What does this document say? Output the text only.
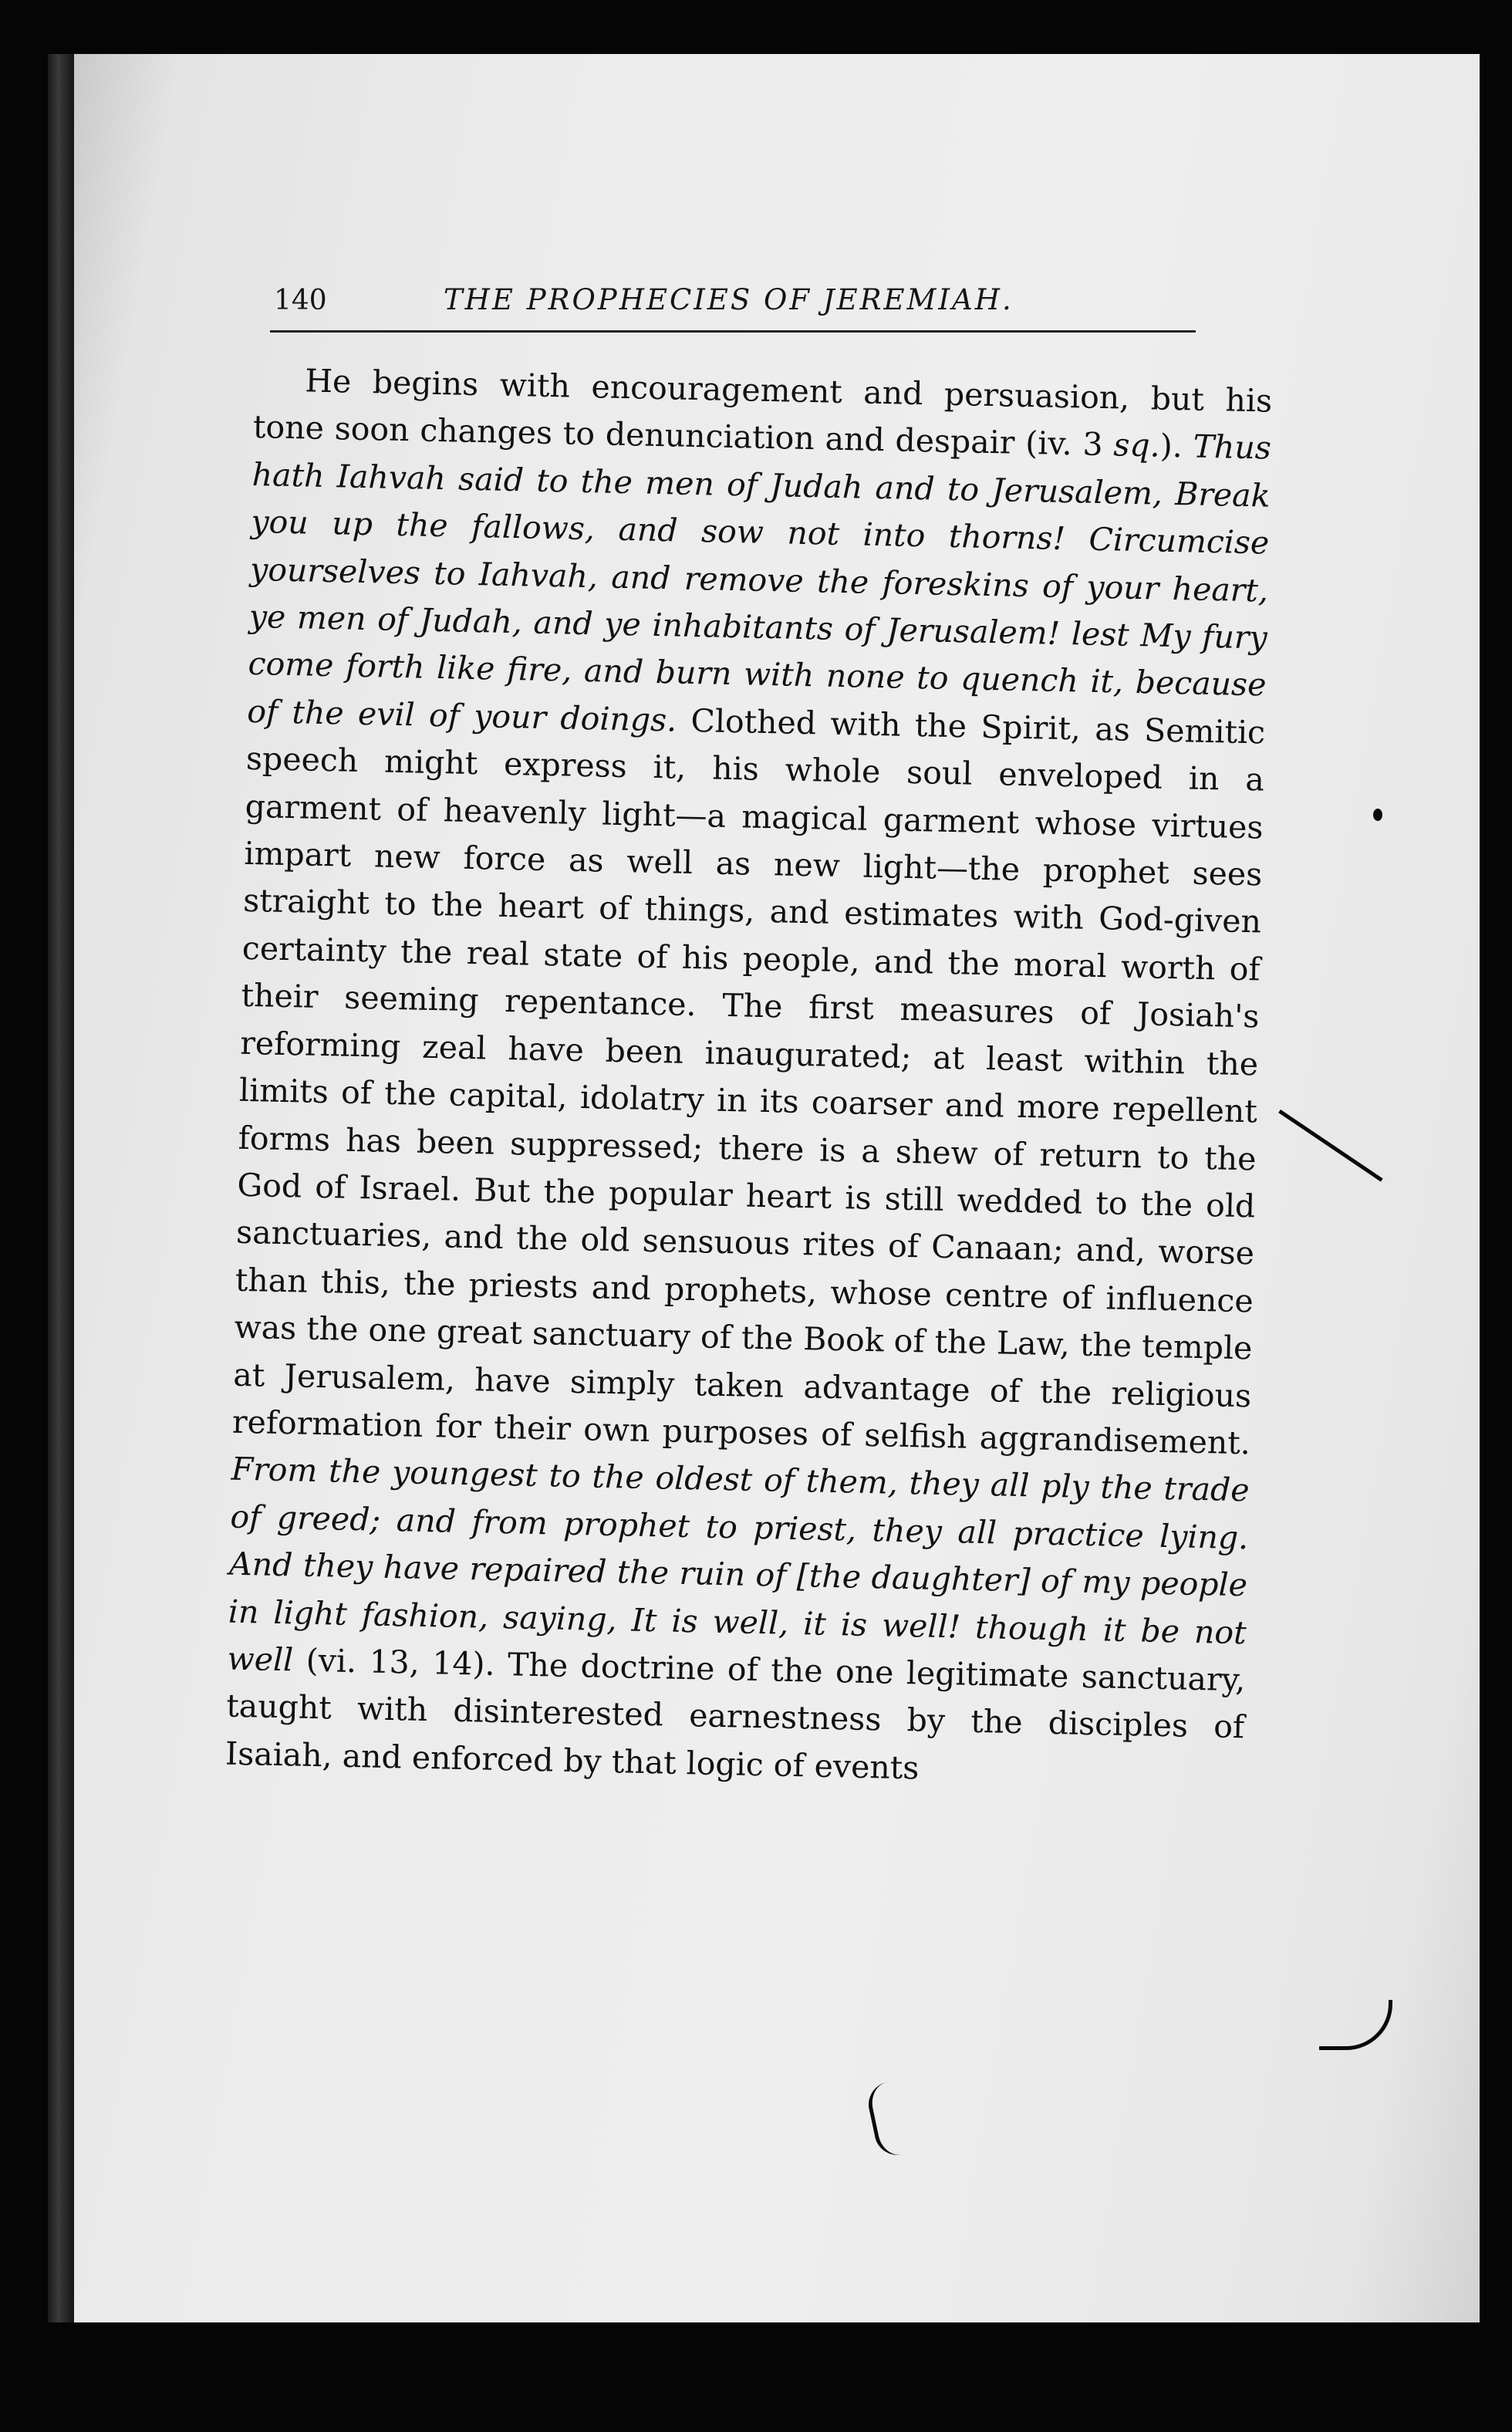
140	THE PROPHECIES OF JEREMIAH.

He begins with encouragement and persuasion, but his tone soon changes to denunciation and despair (iv. 3 sq.). Thus hath Iahvah said to the men of Judah and to Jerusalem, Break you up the fallows, and sow not into thorns! Circumcise yourselves to Iahvah, and remove the foreskins of your heart, ye men of Judah, and ye inhabitants of Jerusalem! lest My fury come forth like fire, and burn with none to quench it, because of the evil of your doings. Clothed with the Spirit, as Semitic speech might express it, his whole soul enveloped in a garment of heavenly light—a magical garment whose virtues impart new force as well as new light—the prophet sees straight to the heart of things, and estimates with God-given certainty the real state of his people, and the moral worth of their seeming repentance. The first measures of Josiah's reforming zeal have been inaugurated; at least within the limits of the capital, idolatry in its coarser and more repellent forms has been suppressed; there is a shew of return to the God of Israel. But the popular heart is still wedded to the old sanctuaries, and the old sensuous rites of Canaan; and, worse than this, the priests and prophets, whose centre of influence was the one great sanctuary of the Book of the Law, the temple at Jerusalem, have simply taken advantage of the religious reformation for their own purposes of selfish aggrandisement. From the youngest to the oldest of them, they all ply the trade of greed; and from prophet to priest, they all practice lying. And they have repaired the ruin of [the daughter] of my people in light fashion, saying, It is well, it is well! though it be not well (vi. 13, 14). The doctrine of the one legitimate sanctuary, taught with disinterested earnestness by the disciples of Isaiah, and enforced by that logic of events
